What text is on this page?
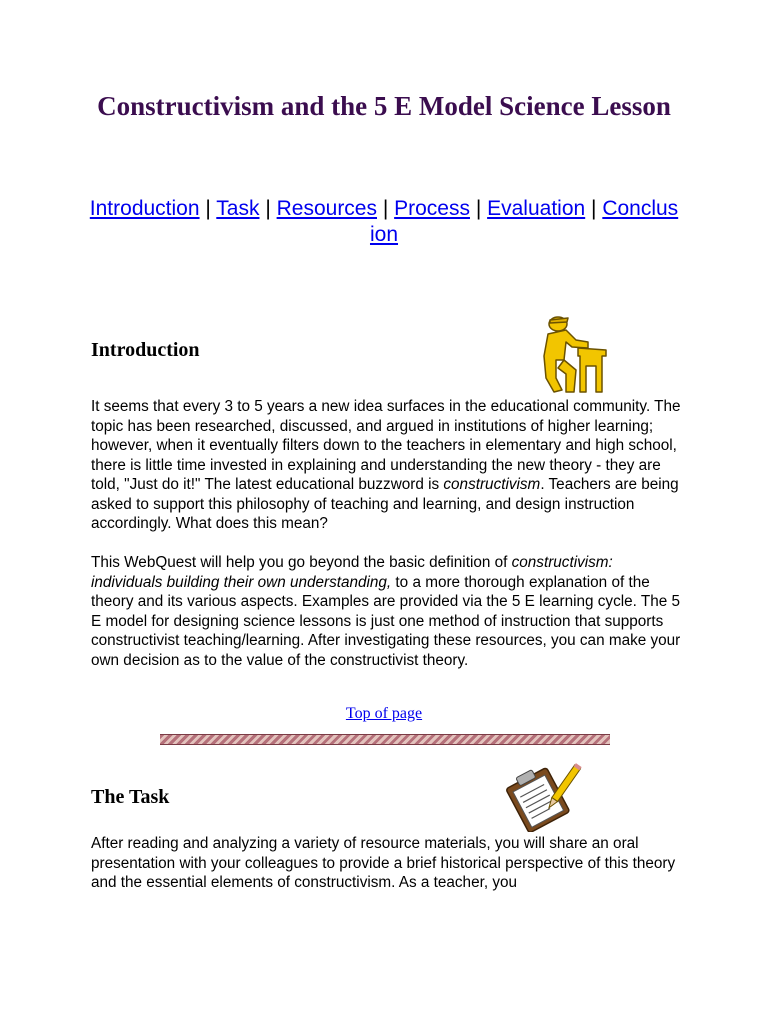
Constructivism and the 5 E Model Science Lesson
Introduction | Task | Resources | Process | Evaluation | Conclusion
Introduction

It seems that every 3 to 5 years a new idea surfaces in the educational community. The topic has been researched, discussed, and argued in institutions of higher learning; however, when it eventually filters down to the teachers in elementary and high school, there is little time invested in explaining and understanding the new theory - they are told, "Just do it!" The latest educational buzzword is constructivism. Teachers are being asked to support this philosophy of teaching and learning, and design instruction accordingly. What does this mean?

This WebQuest will help you go beyond the basic definition of constructivism: individuals building their own understanding, to a more thorough explanation of the theory and its various aspects. Examples are provided via the 5 E learning cycle. The 5 E model for designing science lessons is just one method of instruction that supports constructivist teaching/learning. After investigating these resources, you can make your own decision as to the value of the constructivist theory.

Top of page
The Task

After reading and analyzing a variety of resource materials, you will share an oral presentation with your colleagues to provide a brief historical perspective of this theory and the essential elements of constructivism. As a teacher, you
